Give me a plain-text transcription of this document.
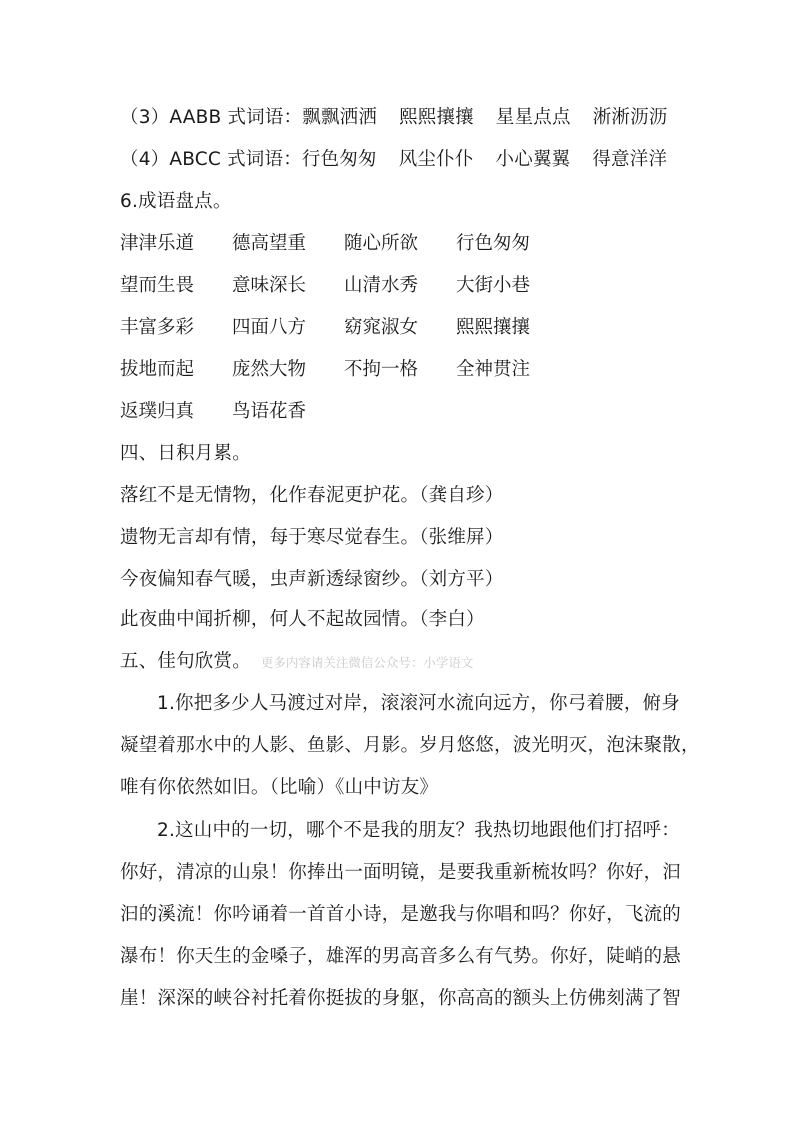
（3）AABB 式词语：飘飘洒洒 熙熙攘攘 星星点点 淅淅沥沥
（4）ABCC 式词语：行色匆匆 风尘仆仆 小心翼翼 得意洋洋
6.成语盘点。
津津乐道 德高望重 随心所欲 行色匆匆
望而生畏 意味深长 山清水秀 大街小巷
丰富多彩 四面八方 窈窕淑女 熙熙攘攘
拔地而起 庞然大物 不拘一格 全神贯注
返璞归真 鸟语花香
四、日积月累。
落红不是无情物，化作春泥更护花。（龚自珍）
遗物无言却有情，每于寒尽觉春生。（张维屏）
今夜偏知春气暖，虫声新透绿窗纱。（刘方平）
此夜曲中闻折柳，何人不起故园情。（李白）
五、佳句欣赏。 更多内容请关注微信公众号：小学语文
1.你把多少人马渡过对岸，滚滚河水流向远方，你弓着腰，俯身
凝望着那水中的人影、鱼影、月影。岁月悠悠，波光明灭，泡沫聚散，
唯有你依然如旧。（比喻）《山中访友》
2.这山中的一切，哪个不是我的朋友？我热切地跟他们打招呼：
你好，清凉的山泉！你捧出一面明镜，是要我重新梳妆吗？你好，汩
汩的溪流！你吟诵着一首首小诗，是邀我与你唱和吗？你好，飞流的
瀑布！你天生的金嗓子，雄浑的男高音多么有气势。你好，陡峭的悬
崖！深深的峡谷衬托着你挺拔的身躯，你高高的额头上仿佛刻满了智
